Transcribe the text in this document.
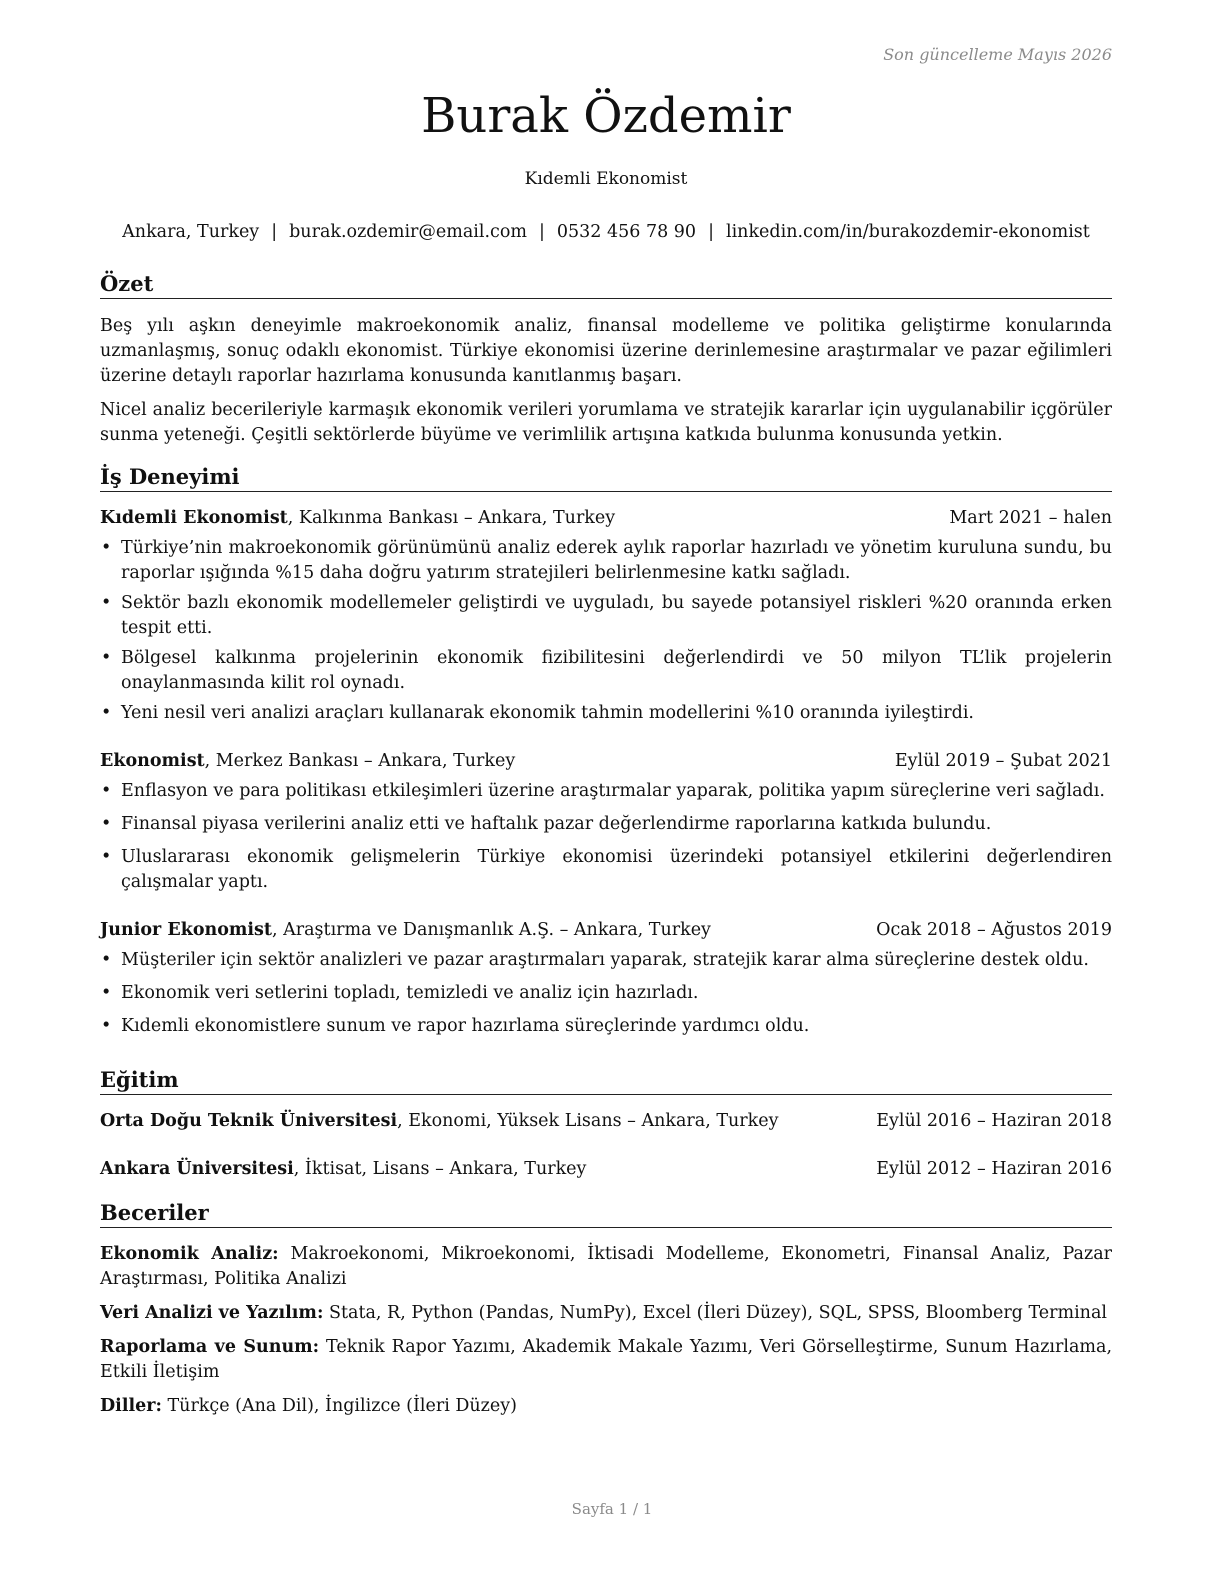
Son güncelleme Mayıs 2026
Burak Özdemir
Kıdemli Ekonomist
Ankara, Turkey | burak.ozdemir@email.com | 0532 456 78 90 | linkedin.com/in/burakozdemir-ekonomist
Özet

Beş yılı aşkın deneyimle makroekonomik analiz, finansal modelleme ve politika geliştirme konularında uzmanlaşmış, sonuç odaklı ekonomist. Türkiye ekonomisi üzerine derinlemesine araştırmalar ve pazar eğilimleri üzerine detaylı raporlar hazırlama konusunda kanıtlanmış başarı.

Nicel analiz becerileriyle karmaşık ekonomik verileri yorumlama ve stratejik kararlar için uygulanabilir içgörüler sunma yeteneği. Çeşitli sektörlerde büyüme ve verimlilik artışına katkıda bulunma konusunda yetkin.

İş Deneyimi
Kıdemli Ekonomist, Kalkınma Bankası – Ankara, Turkey	Mart 2021 – halen
• Türkiye’nin makroekonomik görünümünü analiz ederek aylık raporlar hazırladı ve yönetim kuruluna sundu, bu raporlar ışığında %15 daha doğru yatırım stratejileri belirlenmesine katkı sağladı.
• Sektör bazlı ekonomik modellemeler geliştirdi ve uyguladı, bu sayede potansiyel riskleri %20 oranında erken tespit etti.
• Bölgesel kalkınma projelerinin ekonomik fizibilitesini değerlendirdi ve 50 milyon TL’lik projelerin onaylanmasında kilit rol oynadı.
• Yeni nesil veri analizi araçları kullanarak ekonomik tahmin modellerini %10 oranında iyileştirdi.
Ekonomist, Merkez Bankası – Ankara, Turkey	Eylül 2019 – Şubat 2021
• Enflasyon ve para politikası etkileşimleri üzerine araştırmalar yaparak, politika yapım süreçlerine veri sağladı.
• Finansal piyasa verilerini analiz etti ve haftalık pazar değerlendirme raporlarına katkıda bulundu.
• Uluslararası ekonomik gelişmelerin Türkiye ekonomisi üzerindeki potansiyel etkilerini değerlendiren çalışmalar yaptı.
Junior Ekonomist, Araştırma ve Danışmanlık A.Ş. – Ankara, Turkey	Ocak 2018 – Ağustos 2019
• Müşteriler için sektör analizleri ve pazar araştırmaları yaparak, stratejik karar alma süreçlerine destek oldu.
• Ekonomik veri setlerini topladı, temizledi ve analiz için hazırladı.
• Kıdemli ekonomistlere sunum ve rapor hazırlama süreçlerinde yardımcı oldu.
Eğitim
Orta Doğu Teknik Üniversitesi, Ekonomi, Yüksek Lisans – Ankara, Turkey	Eylül 2016 – Haziran 2018
Ankara Üniversitesi, İktisat, Lisans – Ankara, Turkey	Eylül 2012 – Haziran 2016
Beceriler
Ekonomik Analiz: Makroekonomi, Mikroekonomi, İktisadi Modelleme, Ekonometri, Finansal Analiz, Pazar Araştırması, Politika Analizi
Veri Analizi ve Yazılım: Stata, R, Python (Pandas, NumPy), Excel (İleri Düzey), SQL, SPSS, Bloomberg Terminal
Raporlama ve Sunum: Teknik Rapor Yazımı, Akademik Makale Yazımı, Veri Görselleştirme, Sunum Hazırlama, Etkili İletişim
Diller: Türkçe (Ana Dil), İngilizce (İleri Düzey)
Sayfa 1 / 1
